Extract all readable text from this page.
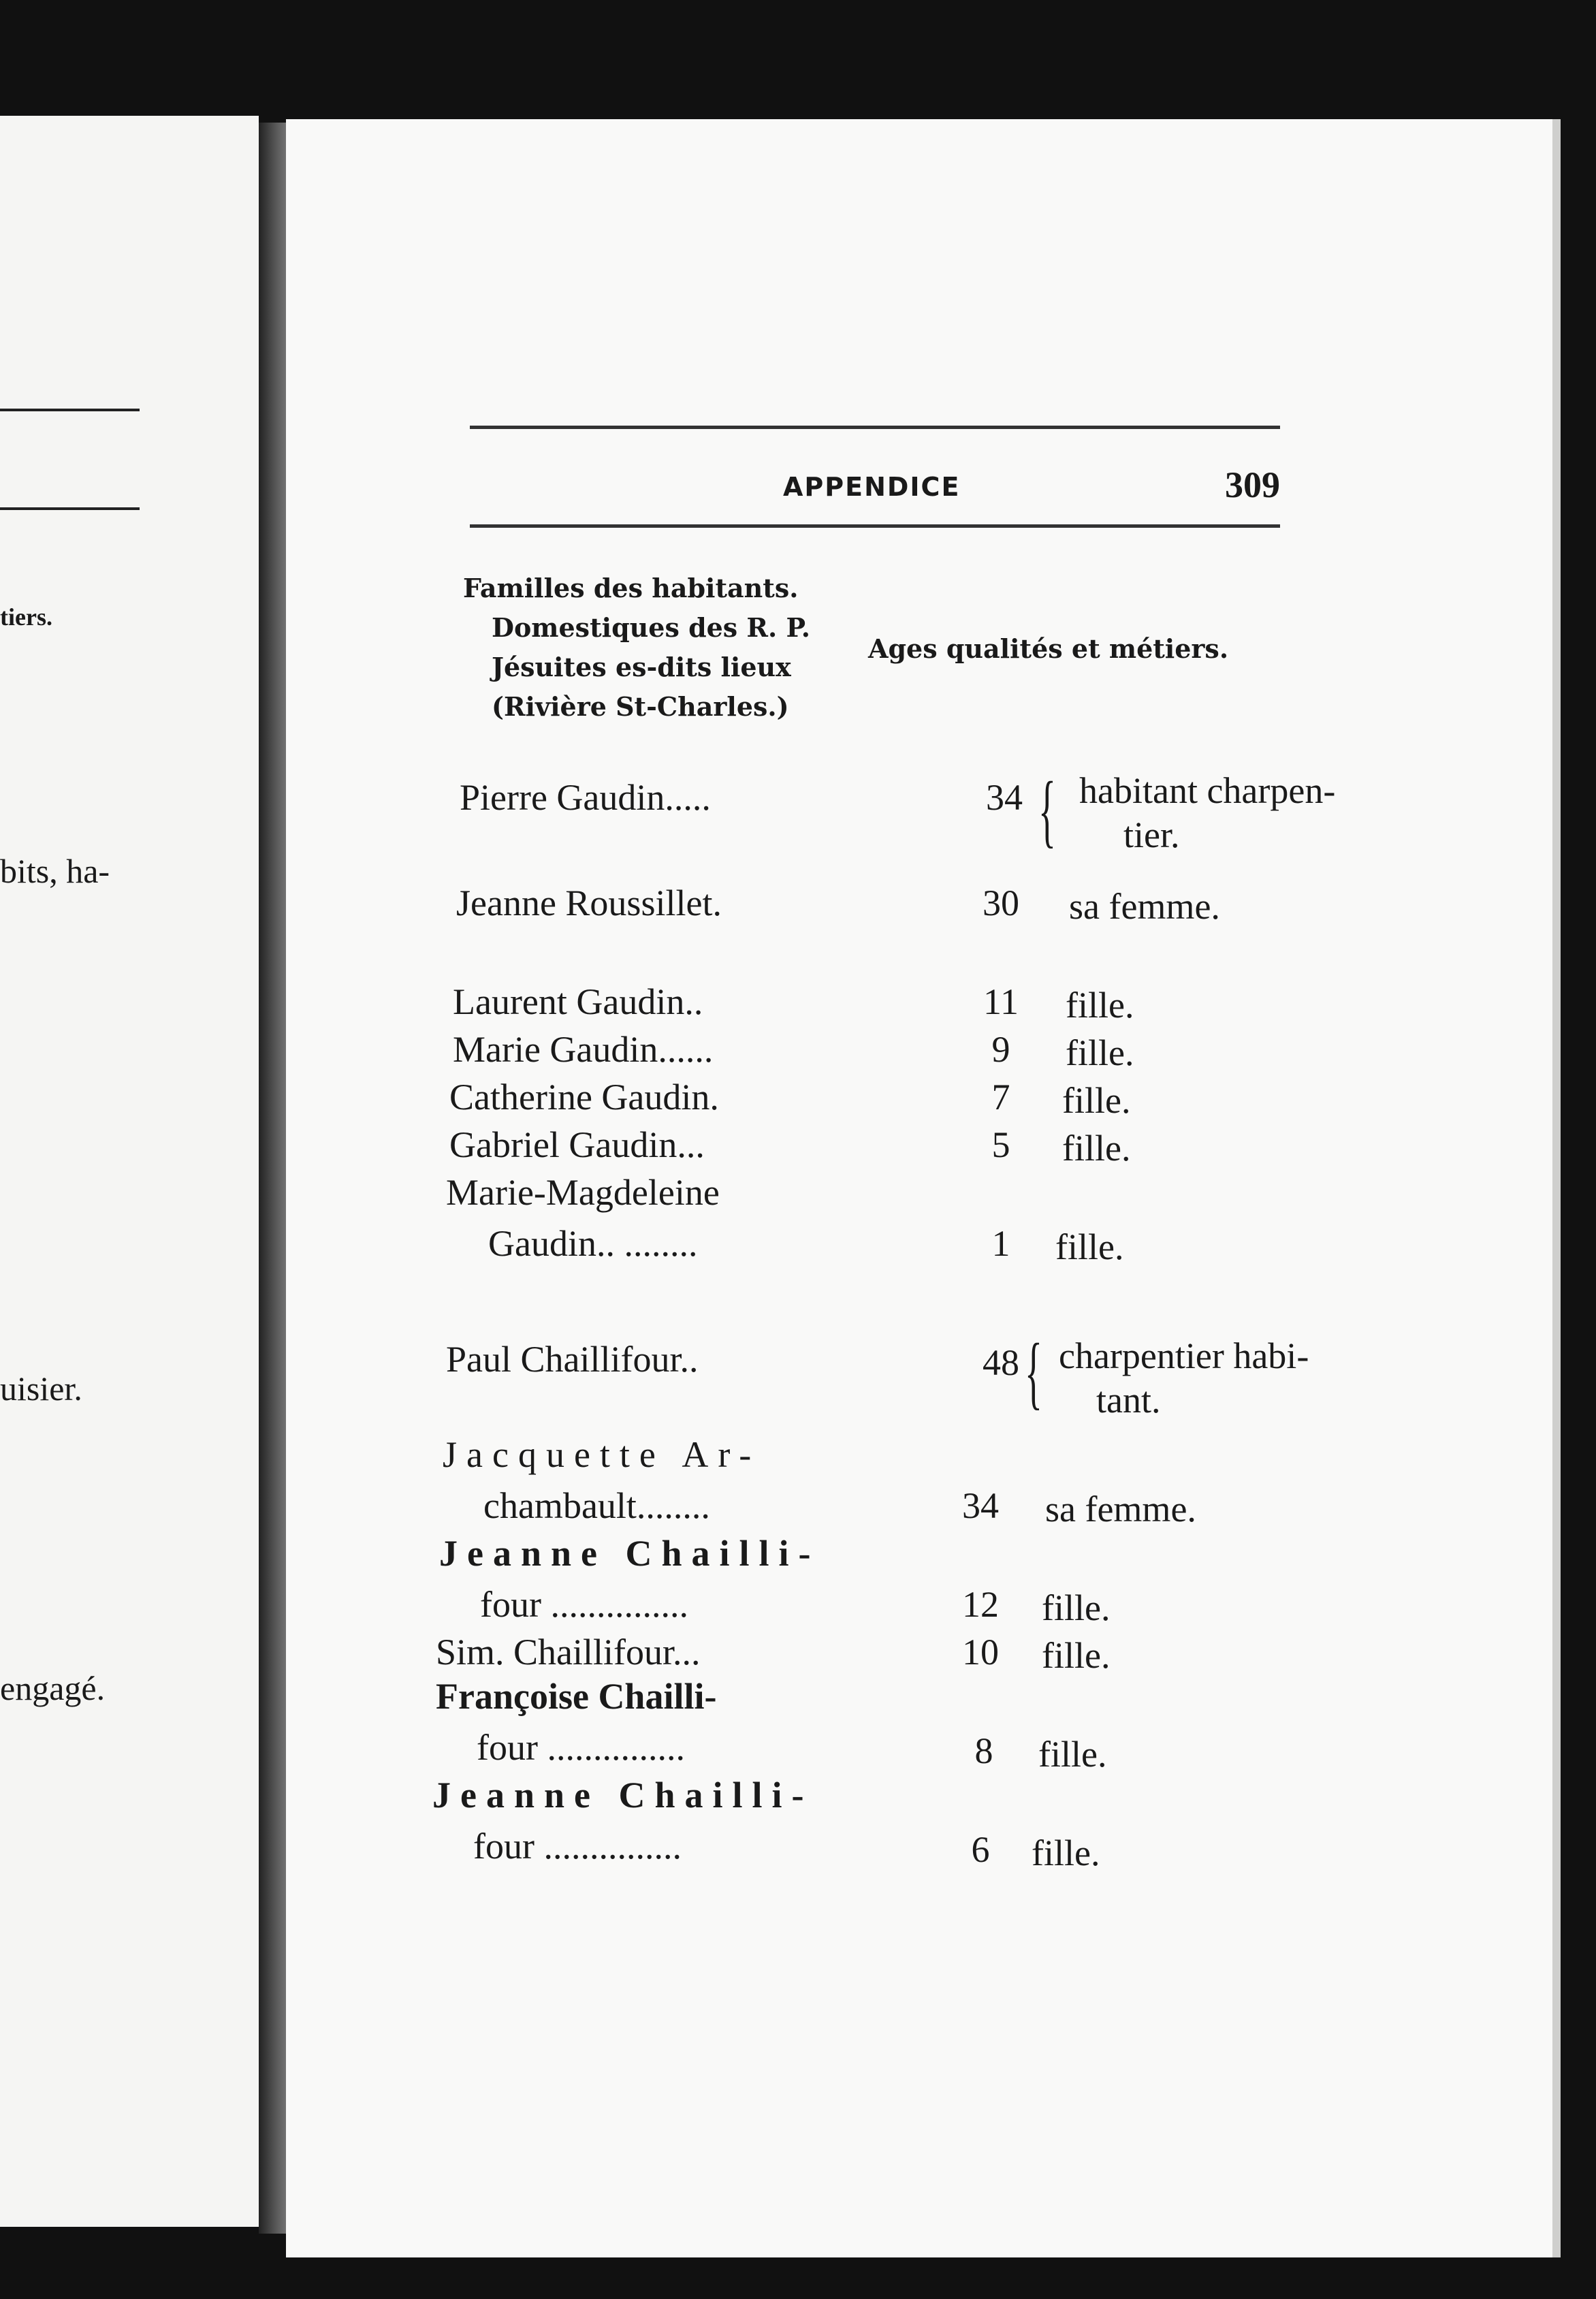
tiers.
bits, ha-
uisier.
engagé.
APPENDICE	309
Familles des habitants.
Domestiques des R. P.
Jésuites es-dits lieux
(Rivière St-Charles.)
Ages qualités et métiers.
Pierre Gaudin.....	34 { habitant charpen-
tier.
Jeanne Roussillet.	30	sa femme.
Laurent Gaudin..	11	fille.
Marie Gaudin......	9	fille.
Catherine Gaudin.	7	fille.
Gabriel Gaudin...	5	fille.
Marie-Magdeleine
Gaudin.. ........	1	fille.
Paul Chaillifour..	48 { charpentier habi-
tant.
Jacquette Ar-
chambault........	34	sa femme.
Jeanne Chailli-
four ...............	12	fille.
Sim. Chaillifour...	10	fille.
Françoise Chailli-
four ...............	8	fille.
Jeanne Chailli-
four ...............	6	fille.
